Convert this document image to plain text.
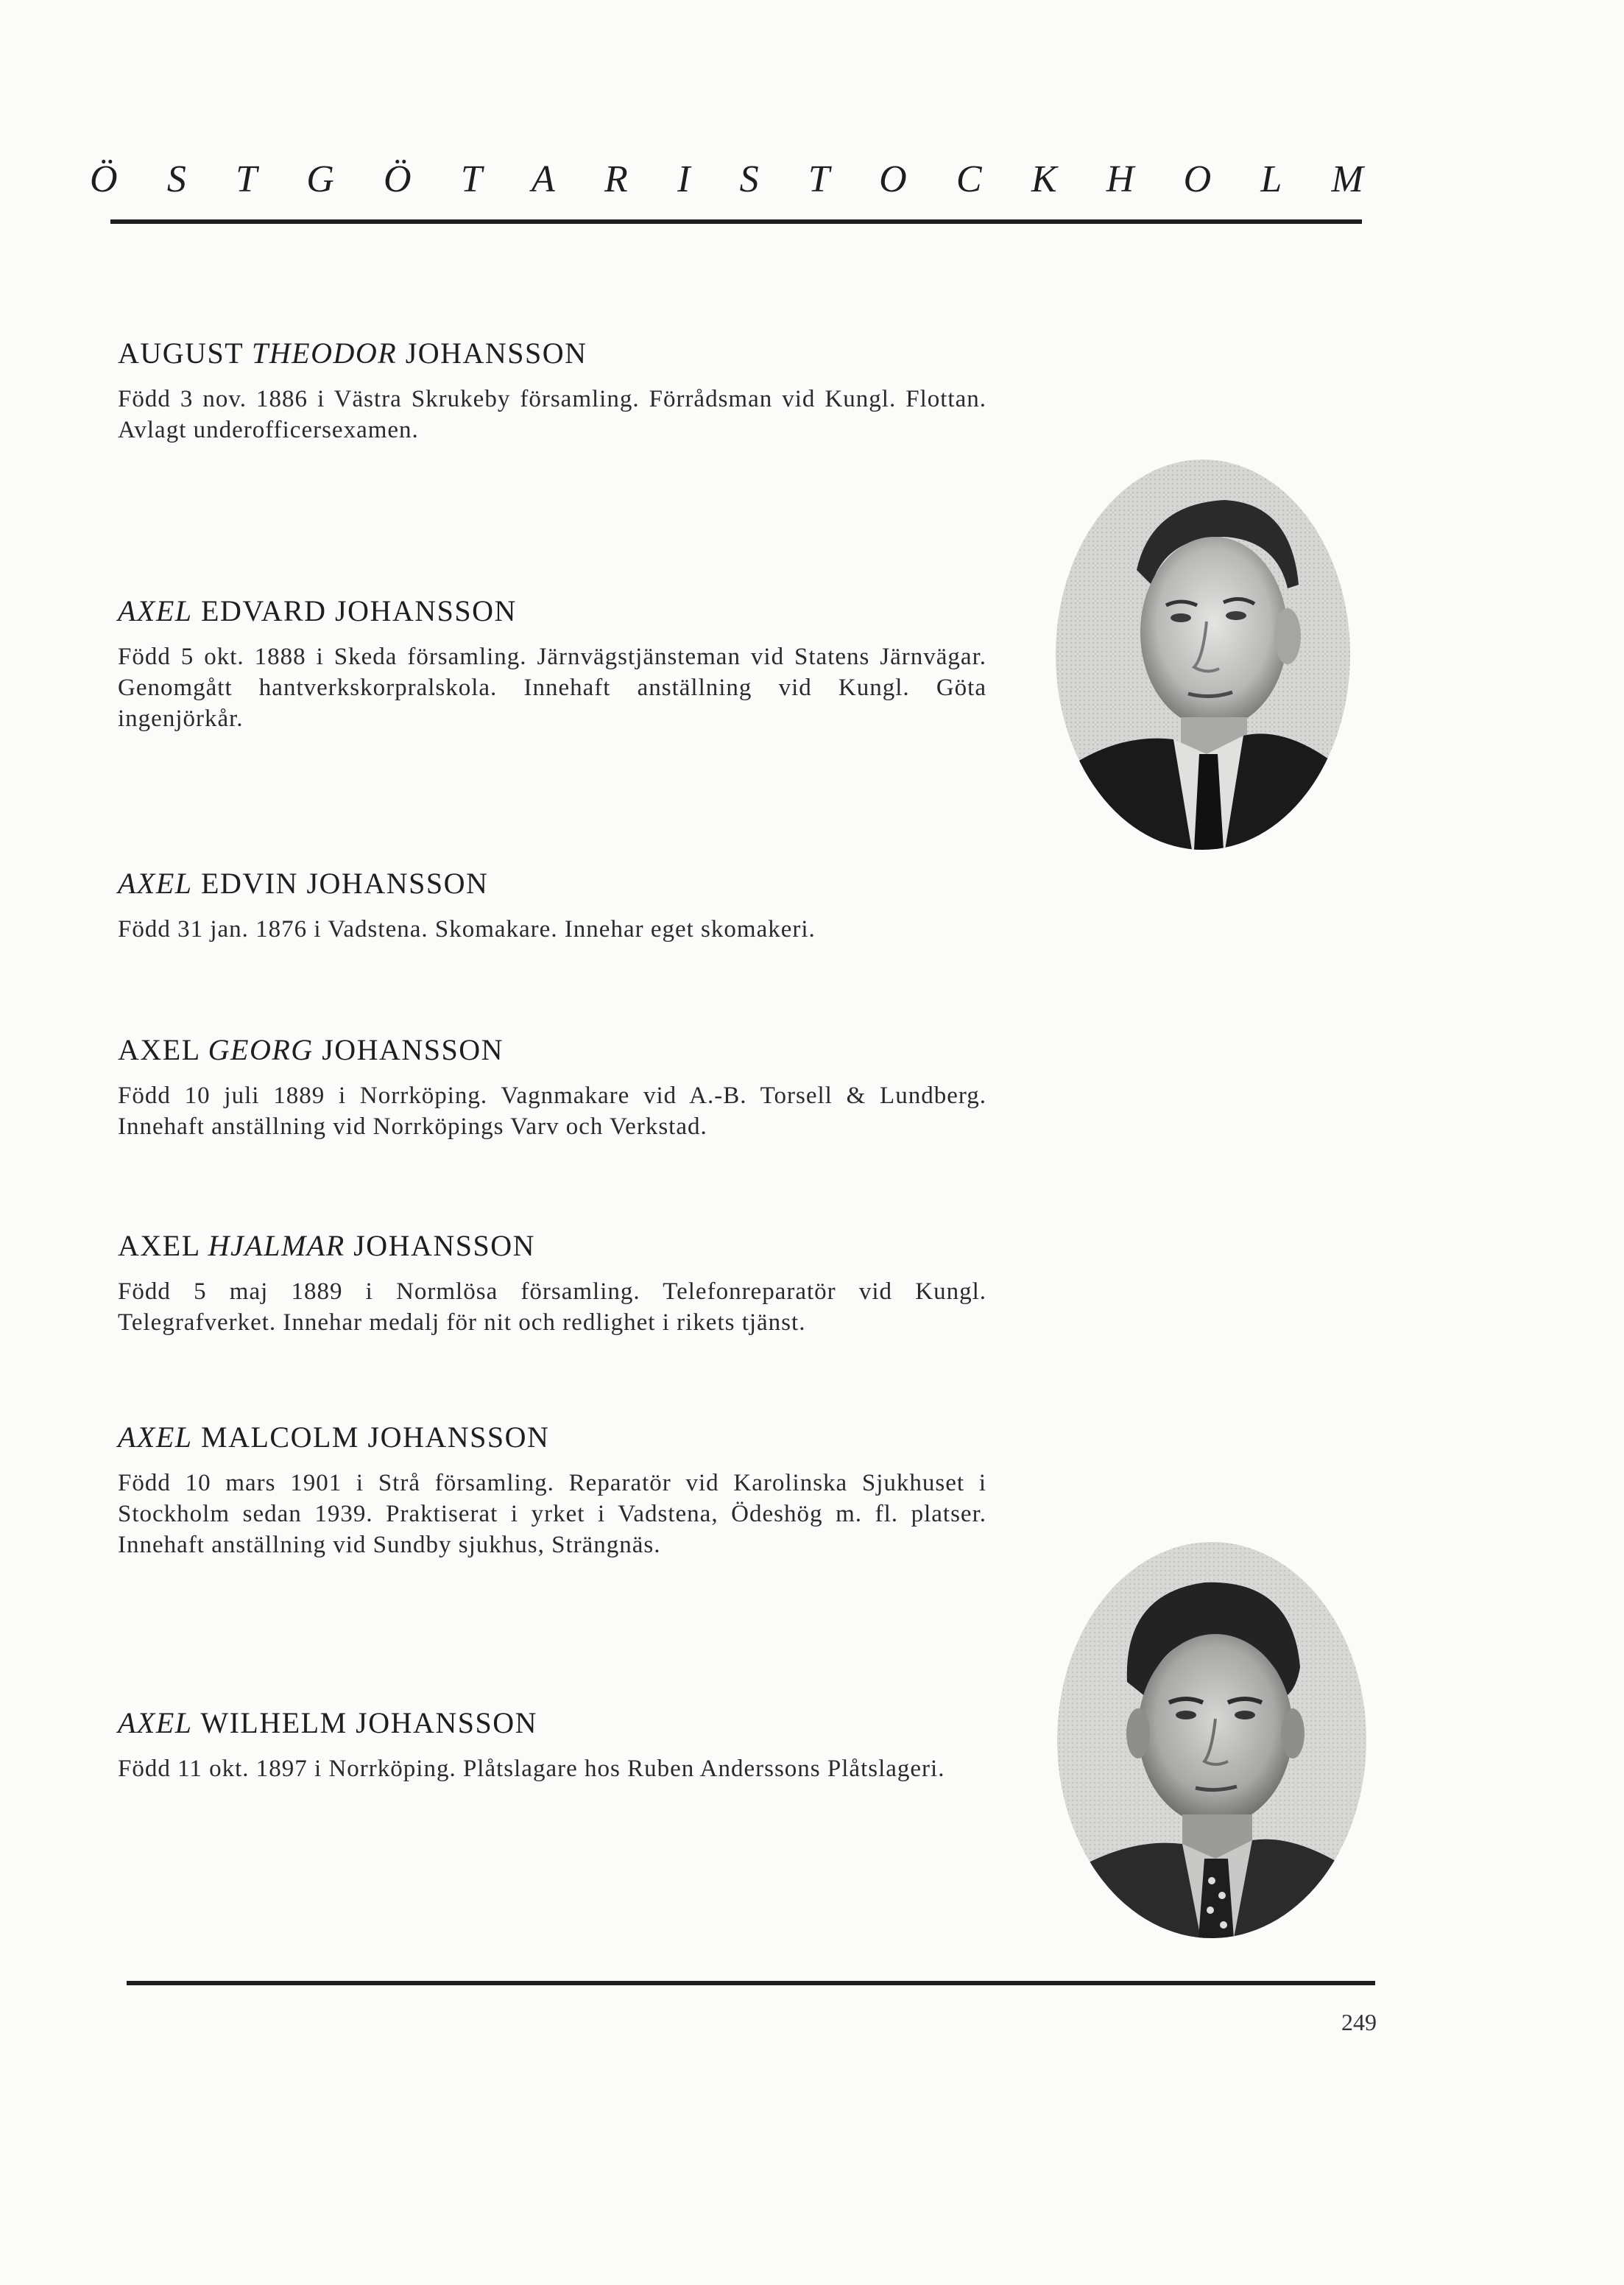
Ö S T G Ö T A R I S T O C K H O L M
AUGUST THEODOR JOHANSSON

Född 3 nov. 1886 i Västra Skrukeby församling. Förrådsman vid Kungl. Flottan. Avlagt underofficersexamen.

AXEL EDVARD JOHANSSON

Född 5 okt. 1888 i Skeda församling. Järnvägstjänsteman vid Statens Järnvägar. Genomgått hantverkskorpralskola. Innehaft anställning vid Kungl. Göta ingenjörkår.

AXEL EDVIN JOHANSSON

Född 31 jan. 1876 i Vadstena. Skomakare. Innehar eget skomakeri.

AXEL GEORG JOHANSSON

Född 10 juli 1889 i Norrköping. Vagnmakare vid A.-B. Torsell & Lundberg. Innehaft anställning vid Norrköpings Varv och Verkstad.

AXEL HJALMAR JOHANSSON

Född 5 maj 1889 i Normlösa församling. Telefonreparatör vid Kungl. Telegrafverket. Innehar medalj för nit och redlighet i rikets tjänst.

AXEL MALCOLM JOHANSSON

Född 10 mars 1901 i Strå församling. Reparatör vid Karolinska Sjukhuset i Stockholm sedan 1939. Praktiserat i yrket i Vadstena, Ödeshög m. fl. platser. Innehaft anställning vid Sundby sjukhus, Strängnäs.

AXEL WILHELM JOHANSSON

Född 11 okt. 1897 i Norrköping. Plåtslagare hos Ruben Anderssons Plåtslageri.

249
